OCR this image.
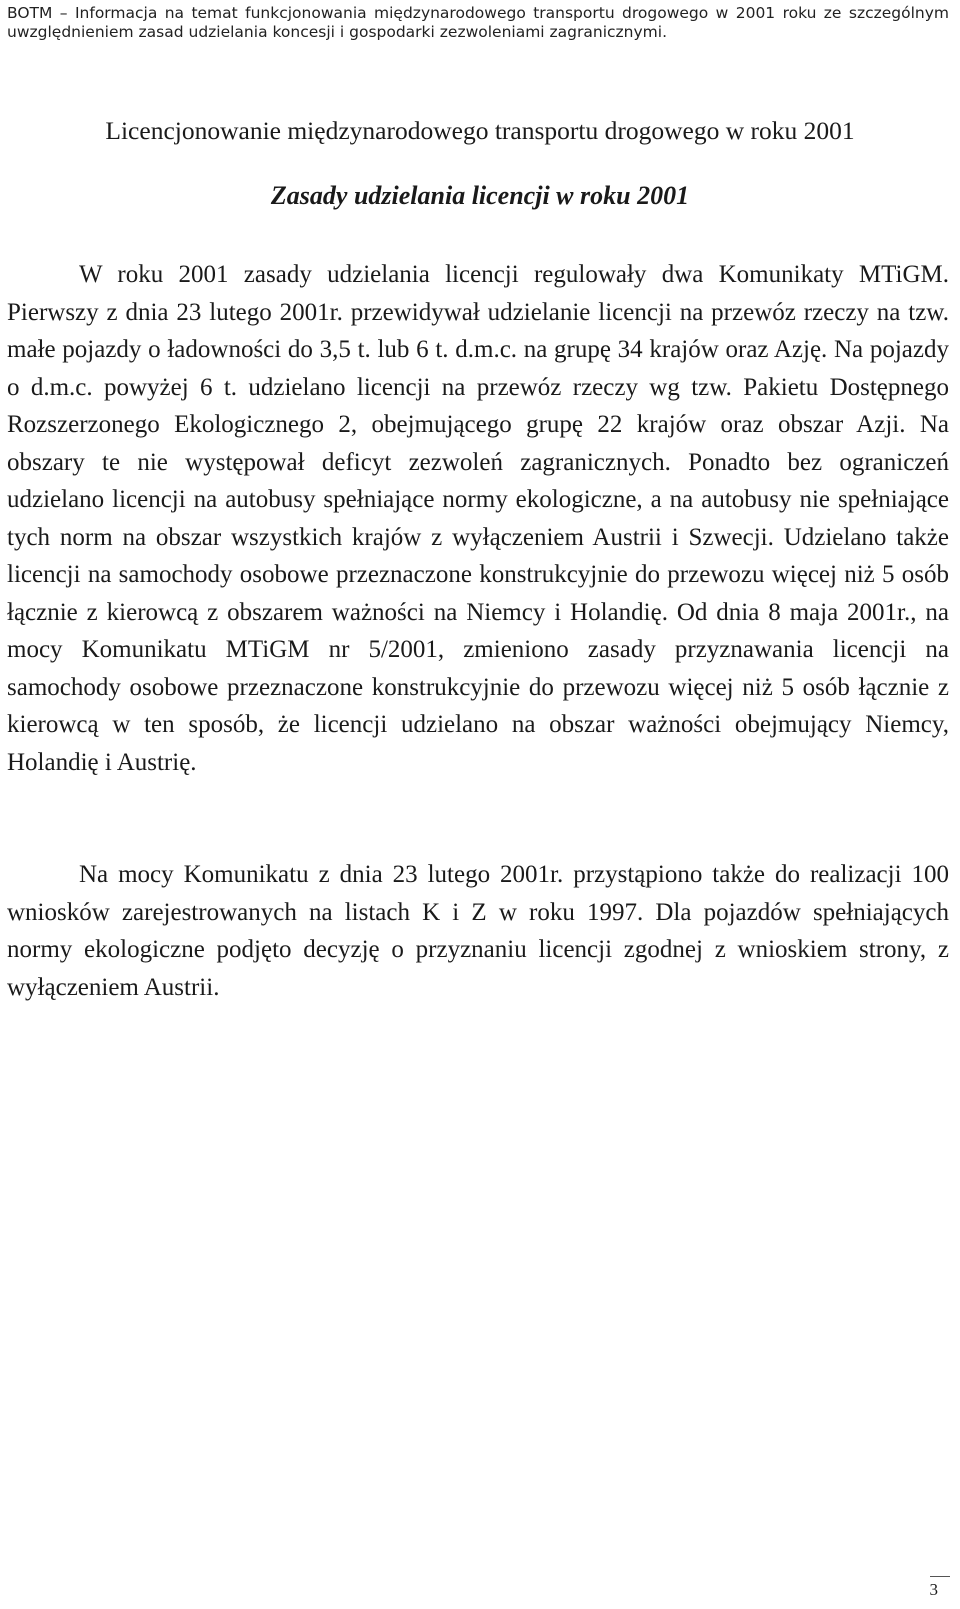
BOTM – Informacja na temat funkcjonowania międzynarodowego transportu drogowego w 2001 roku ze szczególnym uwzględnieniem zasad udzielania koncesji i gospodarki zezwoleniami zagranicznymi.
Licencjonowanie międzynarodowego transportu drogowego w roku 2001
Zasady udzielania licencji w roku 2001

W roku 2001 zasady udzielania licencji regulowały dwa Komunikaty MTiGM. Pierwszy z dnia 23 lutego 2001r. przewidywał udzielanie licencji na przewóz rzeczy na tzw. małe pojazdy o ładowności do 3,5 t. lub 6 t. d.m.c. na grupę 34 krajów oraz Azję. Na pojazdy o d.m.c. powyżej 6 t. udzielano licencji na przewóz rzeczy wg tzw. Pakietu Dostępnego Rozszerzonego Ekologicznego 2, obejmującego grupę 22 krajów oraz obszar Azji. Na obszary te nie występował deficyt zezwoleń zagranicznych. Ponadto bez ograniczeń udzielano licencji na autobusy spełniające normy ekologiczne, a na autobusy nie spełniające tych norm na obszar wszystkich krajów z wyłączeniem Austrii i Szwecji. Udzielano także licencji na samochody osobowe przeznaczone konstrukcyjnie do przewozu więcej niż 5 osób łącznie z kierowcą z obszarem ważności na Niemcy i Holandię. Od dnia 8 maja 2001r., na mocy Komunikatu MTiGM nr 5/2001, zmieniono zasady przyznawania licencji na samochody osobowe przeznaczone konstrukcyjnie do przewozu więcej niż 5 osób łącznie z kierowcą w ten sposób, że licencji udzielano na obszar ważności obejmujący Niemcy, Holandię i Austrię.

Na mocy Komunikatu z dnia 23 lutego 2001r. przystąpiono także do realizacji 100 wniosków zarejestrowanych na listach K i Z w roku 1997. Dla pojazdów spełniających normy ekologiczne podjęto decyzję o przyznaniu licencji zgodnej z wnioskiem strony, z wyłączeniem Austrii.

3
